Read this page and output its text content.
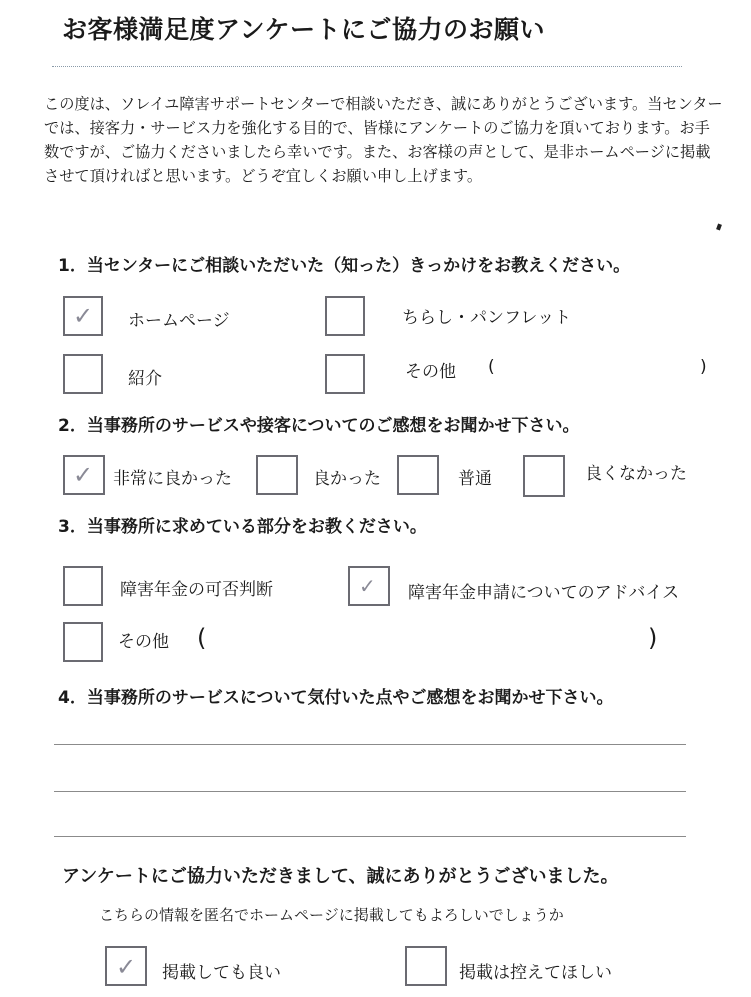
お客様満足度アンケートにご協力のお願い
この度は、ソレイユ障害サポートセンターで相談いただき、誠にありがとうございます。当センターでは、接客力・サービス力を強化する目的で、皆様にアンケートのご協力を頂いております。お手数ですが、ご協力くださいましたら幸いです。また、お客様の声として、是非ホームページに掲載させて頂ければと思います。どうぞ宜しくお願い申し上げます。
1．当センターにご相談いただいた（知った）きっかけをお教えください。
✓ ホームページ	ちらし・パンフレット
紹介	その他 (	)
2．当事務所のサービスや接客についてのご感想をお聞かせ下さい。
✓ 非常に良かった	良かった	普通	良くなかった
3．当事務所に求めている部分をお教ください。
障害年金の可否判断	✓ 障害年金申請についてのアドバイス
その他 (	)
4．当事務所のサービスについて気付いた点やご感想をお聞かせ下さい。
アンケートにご協力いただきまして、誠にありがとうございました。
こちらの情報を匿名でホームページに掲載してもよろしいでしょうか
✓ 掲載しても良い	掲載は控えてほしい
